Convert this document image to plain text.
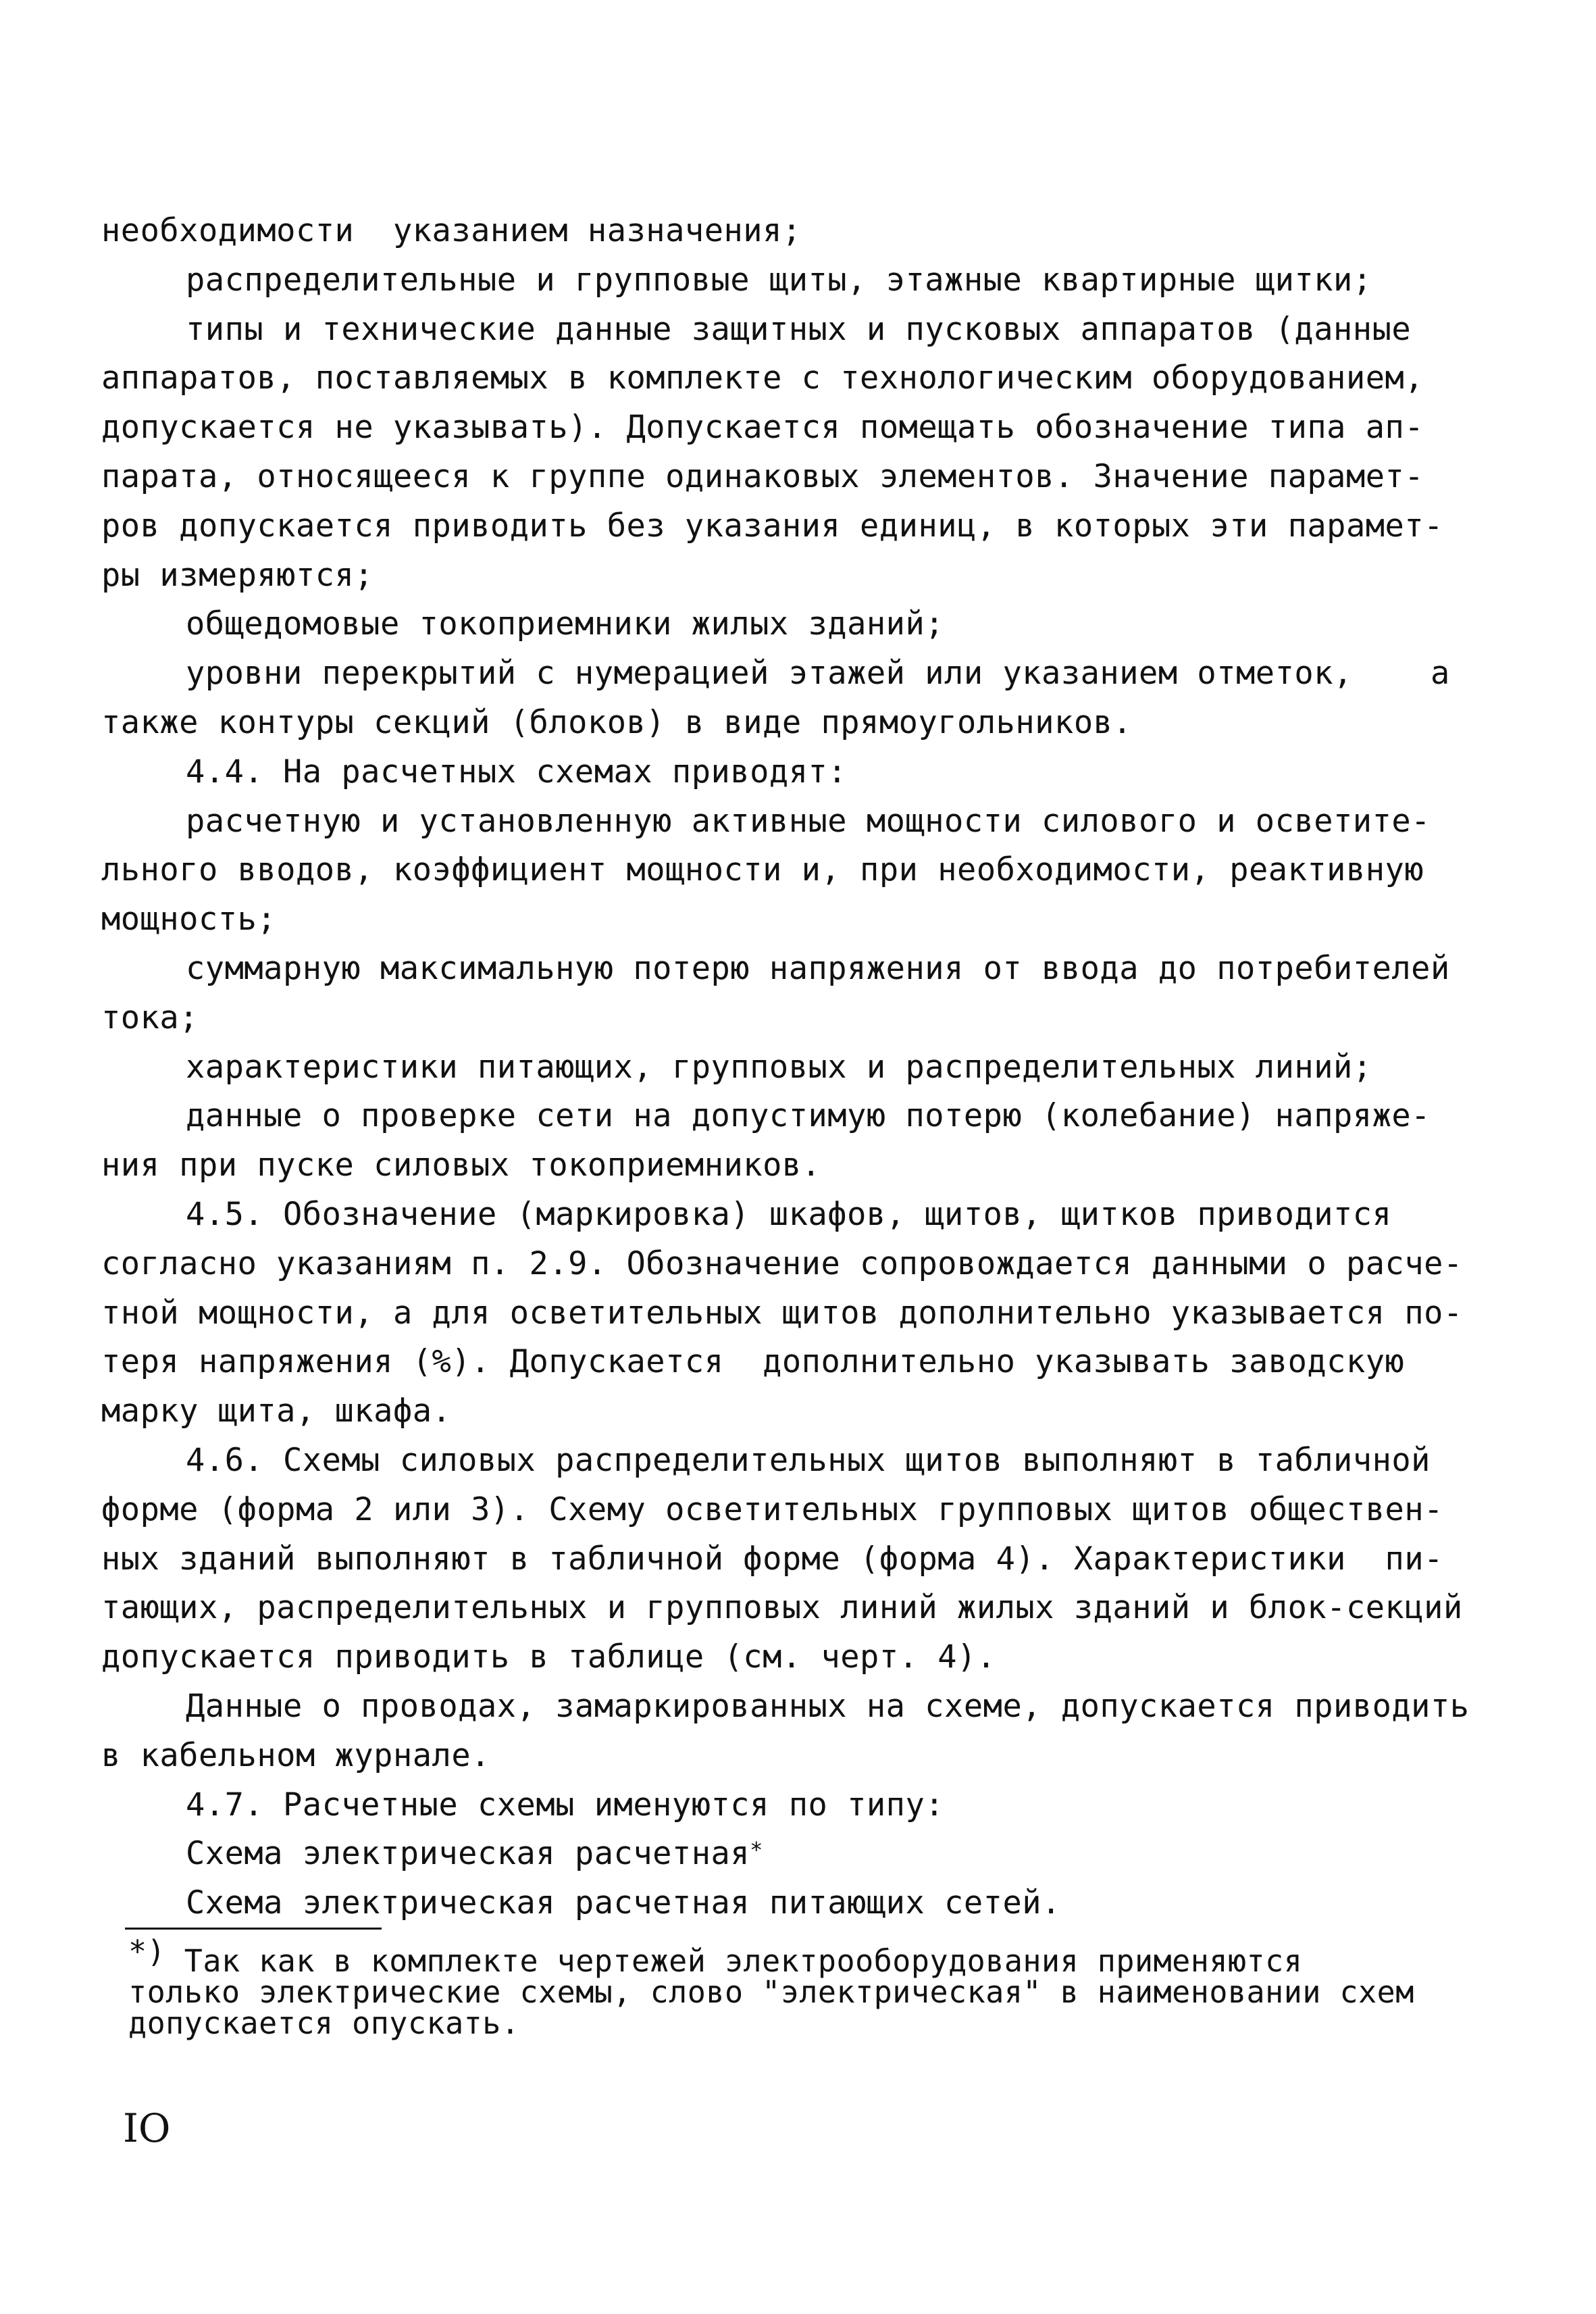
необходимости  указанием назначения;
распределительные и групповые щиты, этажные квартирные щитки;
типы и технические данные защитных и пусковых аппаратов (данные
аппаратов, поставляемых в комплекте с технологическим оборудованием,
допускается не указывать). Допускается помещать обозначение типа ап-
парата, относящееся к группе одинаковых элементов. Значение парамет-
ров допускается приводить без указания единиц, в которых эти парамет-
ры измеряются;
общедомовые токоприемники жилых зданий;
уровни перекрытий с нумерацией этажей или указанием отметок,    а
также контуры секций (блоков) в виде прямоугольников.
4.4. На расчетных схемах приводят:
расчетную и установленную активные мощности силового и осветите-
льного вводов, коэффициент мощности и, при необходимости, реактивную
мощность;
суммарную максимальную потерю напряжения от ввода до потребителей
тока;
характеристики питающих, групповых и распределительных линий;
данные о проверке сети на допустимую потерю (колебание) напряже-
ния при пуске силовых токоприемников.
4.5. Обозначение (маркировка) шкафов, щитов, щитков приводится
согласно указаниям п. 2.9. Обозначение сопровождается данными о расче-
тной мощности, а для осветительных щитов дополнительно указывается по-
теря напряжения (%). Допускается  дополнительно указывать заводскую
марку щита, шкафа.
4.6. Схемы силовых распределительных щитов выполняют в табличной
форме (форма 2 или 3). Схему осветительных групповых щитов обществен-
ных зданий выполняют в табличной форме (форма 4). Характеристики  пи-
тающих, распределительных и групповых линий жилых зданий и блок-секций
допускается приводить в таблице (см. черт. 4).
Данные о проводах, замаркированных на схеме, допускается приводить
в кабельном журнале.
4.7. Расчетные схемы именуются по типу:
Схема электрическая расчетная*
Схема электрическая расчетная питающих сетей.
*) Так как в комплекте чертежей электрооборудования применяются
только электрические схемы, слово "электрическая" в наименовании схем
допускается опускать.
IO
